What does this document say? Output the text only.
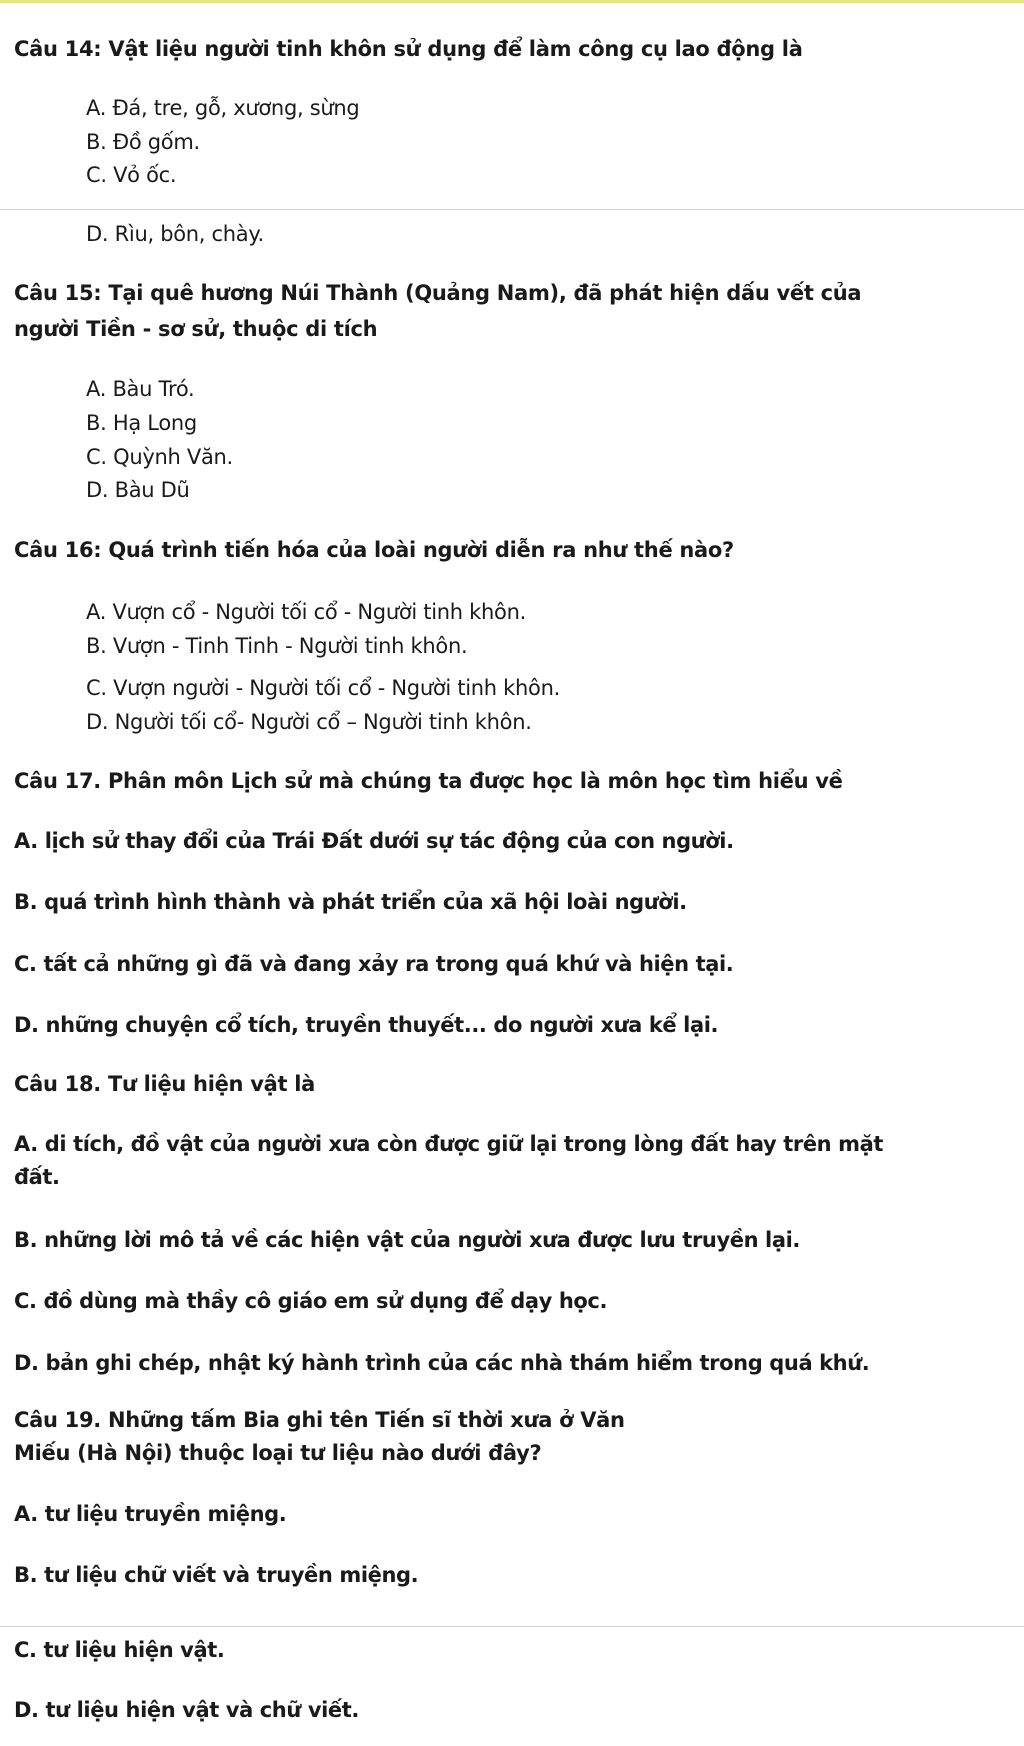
Câu 14: Vật liệu người tinh khôn sử dụng để làm công cụ lao động là
A. Đá, tre, gỗ, xương, sừng
B. Đồ gốm.
C. Vỏ ốc.
D. Rìu, bôn, chày.
Câu 15: Tại quê hương Núi Thành (Quảng Nam), đã phát hiện dấu vết của
người Tiền - sơ sử, thuộc di tích
A. Bàu Tró.
B. Hạ Long
C. Quỳnh Văn.
D. Bàu Dũ
Câu 16: Quá trình tiến hóa của loài người diễn ra như thế nào?
A. Vượn cổ - Người tối cổ - Người tinh khôn.
B. Vượn - Tinh Tinh - Người tinh khôn.
C. Vượn người - Người tối cổ - Người tinh khôn.
D. Người tối cổ- Người cổ – Người tinh khôn.
Câu 17. Phân môn Lịch sử mà chúng ta được học là môn học tìm hiểu về
A. lịch sử thay đổi của Trái Đất dưới sự tác động của con người.
B. quá trình hình thành và phát triển của xã hội loài người.
C. tất cả những gì đã và đang xảy ra trong quá khứ và hiện tại.
D. những chuyện cổ tích, truyền thuyết... do người xưa kể lại.
Câu 18. Tư liệu hiện vật là
A. di tích, đồ vật của người xưa còn được giữ lại trong lòng đất hay trên mặt
đất.
B. những lời mô tả về các hiện vật của người xưa được lưu truyền lại.
C. đồ dùng mà thầy cô giáo em sử dụng để dạy học.
D. bản ghi chép, nhật ký hành trình của các nhà thám hiểm trong quá khứ.
Câu 19. Những tấm Bia ghi tên Tiến sĩ thời xưa ở Văn
Miếu (Hà Nội) thuộc loại tư liệu nào dưới đây?
A. tư liệu truyền miệng.
B. tư liệu chữ viết và truyền miệng.
C. tư liệu hiện vật.
D. tư liệu hiện vật và chữ viết.
